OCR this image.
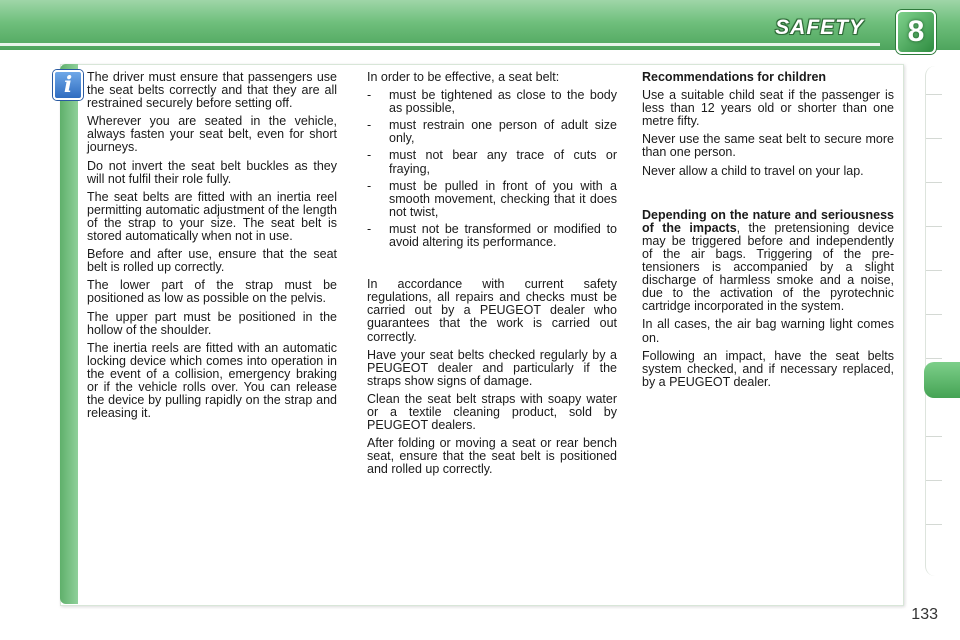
SAFETY	8
i	The driver must ensure that passengers use the seat belts correctly and that they are all restrained securely before setting off.

Wherever you are seated in the vehicle, always fasten your seat belt, even for short journeys.

Do not invert the seat belt buckles as they will not fulfil their role fully.

The seat belts are fitted with an inertia reel permitting automatic adjustment of the length of the strap to your size. The seat belt is stored automatically when not in use.

Before and after use, ensure that the seat belt is rolled up correctly.

The lower part of the strap must be positioned as low as possible on the pelvis.

The upper part must be positioned in the hollow of the shoulder.

The inertia reels are fitted with an automatic locking device which comes into operation in the event of a collision, emergency braking or if the vehicle rolls over. You can release the device by pulling rapidly on the strap and releasing it.

In order to be effective, a seat belt:

- must be tightened as close to the body as possible,
- must restrain one person of adult size only,
- must not bear any trace of cuts or fraying,
- must be pulled in front of you with a smooth movement, checking that it does not twist,
- must not be transformed or modified to avoid altering its performance.

In accordance with current safety regulations, all repairs and checks must be carried out by a PEUGEOT dealer who guarantees that the work is carried out correctly.

Have your seat belts checked regularly by a PEUGEOT dealer and particularly if the straps show signs of damage.

Clean the seat belt straps with soapy water or a textile cleaning product, sold by PEUGEOT dealers.

After folding or moving a seat or rear bench seat, ensure that the seat belt is positioned and rolled up correctly.

Recommendations for children

Use a suitable child seat if the passenger is less than 12 years old or shorter than one metre fifty.

Never use the same seat belt to secure more than one person.

Never allow a child to travel on your lap.

Depending on the nature and seriousness of the impacts, the pretensioning device may be triggered before and independently of the air bags. Triggering of the pre-tensioners is accompanied by a slight discharge of harmless smoke and a noise, due to the activation of the pyrotechnic cartridge incorporated in the system.

In all cases, the air bag warning light comes on.

Following an impact, have the seat belts system checked, and if necessary replaced, by a PEUGEOT dealer.

133
